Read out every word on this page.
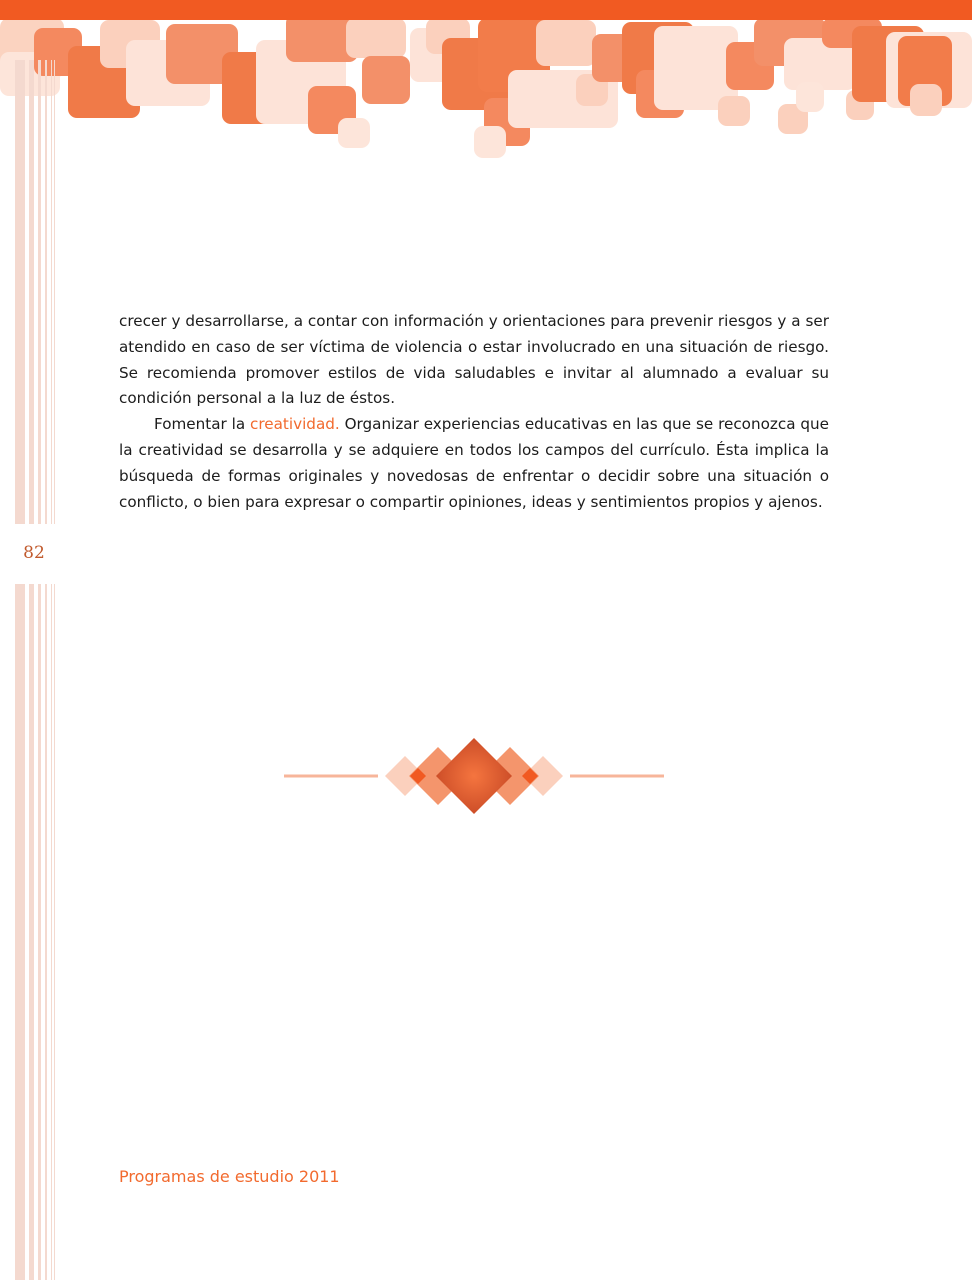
82

crecer y desarrollarse, a contar con información y orientaciones para prevenir riesgos y a ser atendido en caso de ser víctima de violencia o estar involucrado en una situación de riesgo. Se recomienda promover estilos de vida saludables e invitar al alumnado a evaluar su condición personal a la luz de éstos.

Fomentar la creatividad. Organizar experiencias educativas en las que se reconozca que la creatividad se desarrolla y se adquiere en todos los campos del currículo. Ésta implica la búsqueda de formas originales y novedosas de enfrentar o decidir sobre una situación o conflicto, o bien para expresar o compartir opiniones, ideas y sentimientos propios y ajenos.

Programas de estudio 2011
